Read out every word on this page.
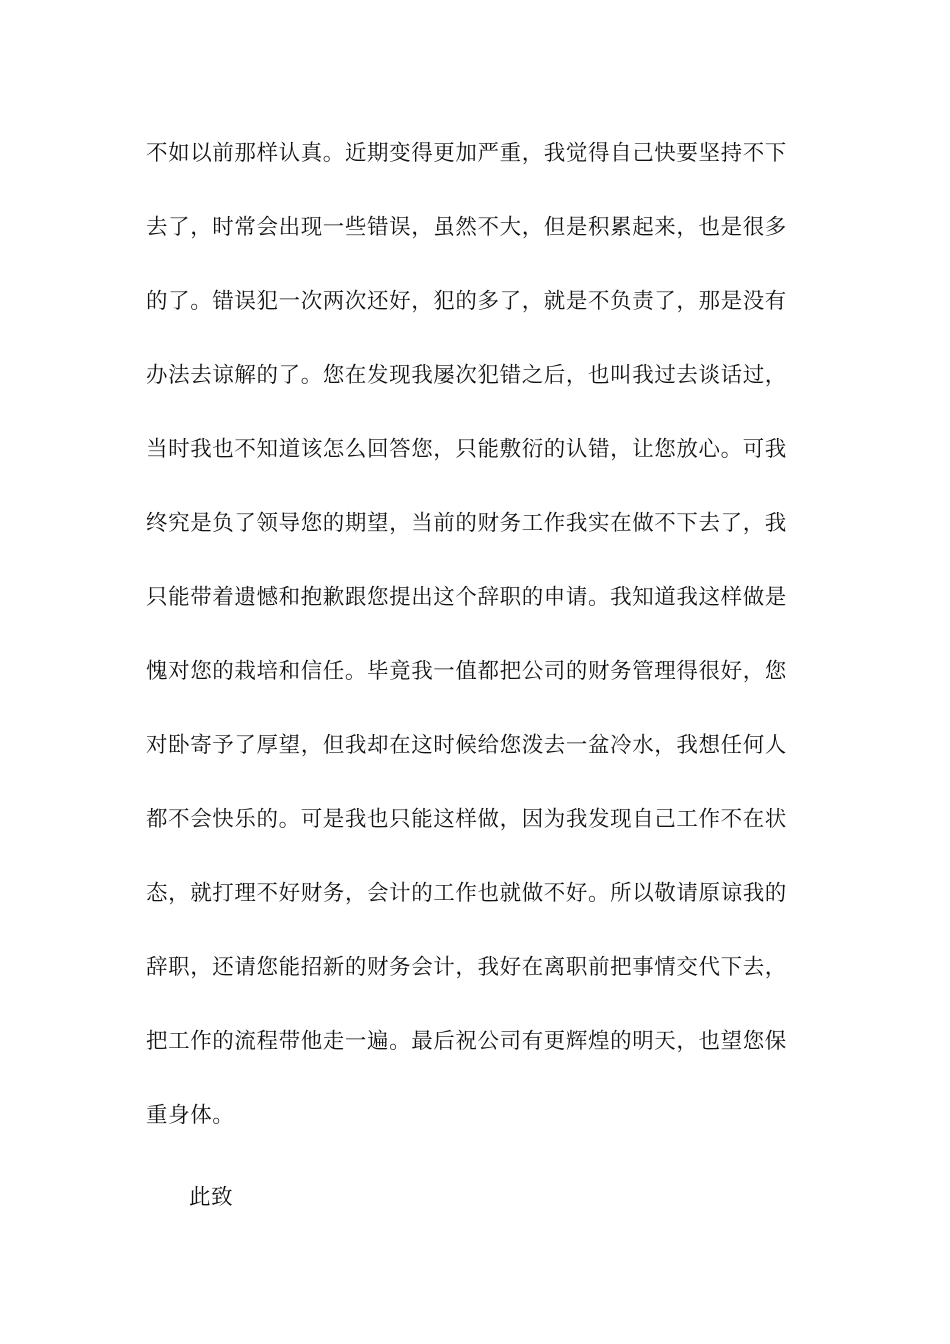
不如以前那样认真。近期变得更加严重，我觉得自己快要坚持不下
去了，时常会出现一些错误，虽然不大，但是积累起来，也是很多
的了。错误犯一次两次还好，犯的多了，就是不负责了，那是没有
办法去谅解的了。您在发现我屡次犯错之后，也叫我过去谈话过，
当时我也不知道该怎么回答您，只能敷衍的认错，让您放心。可我
终究是负了领导您的期望，当前的财务工作我实在做不下去了，我
只能带着遗憾和抱歉跟您提出这个辞职的申请。我知道我这样做是
愧对您的栽培和信任。毕竟我一值都把公司的财务管理得很好，您
对卧寄予了厚望，但我却在这时候给您泼去一盆冷水，我想任何人
都不会快乐的。可是我也只能这样做，因为我发现自己工作不在状
态，就打理不好财务，会计的工作也就做不好。所以敬请原谅我的
辞职，还请您能招新的财务会计，我好在离职前把事情交代下去，
把工作的流程带他走一遍。最后祝公司有更辉煌的明天，也望您保
重身体。
此致
